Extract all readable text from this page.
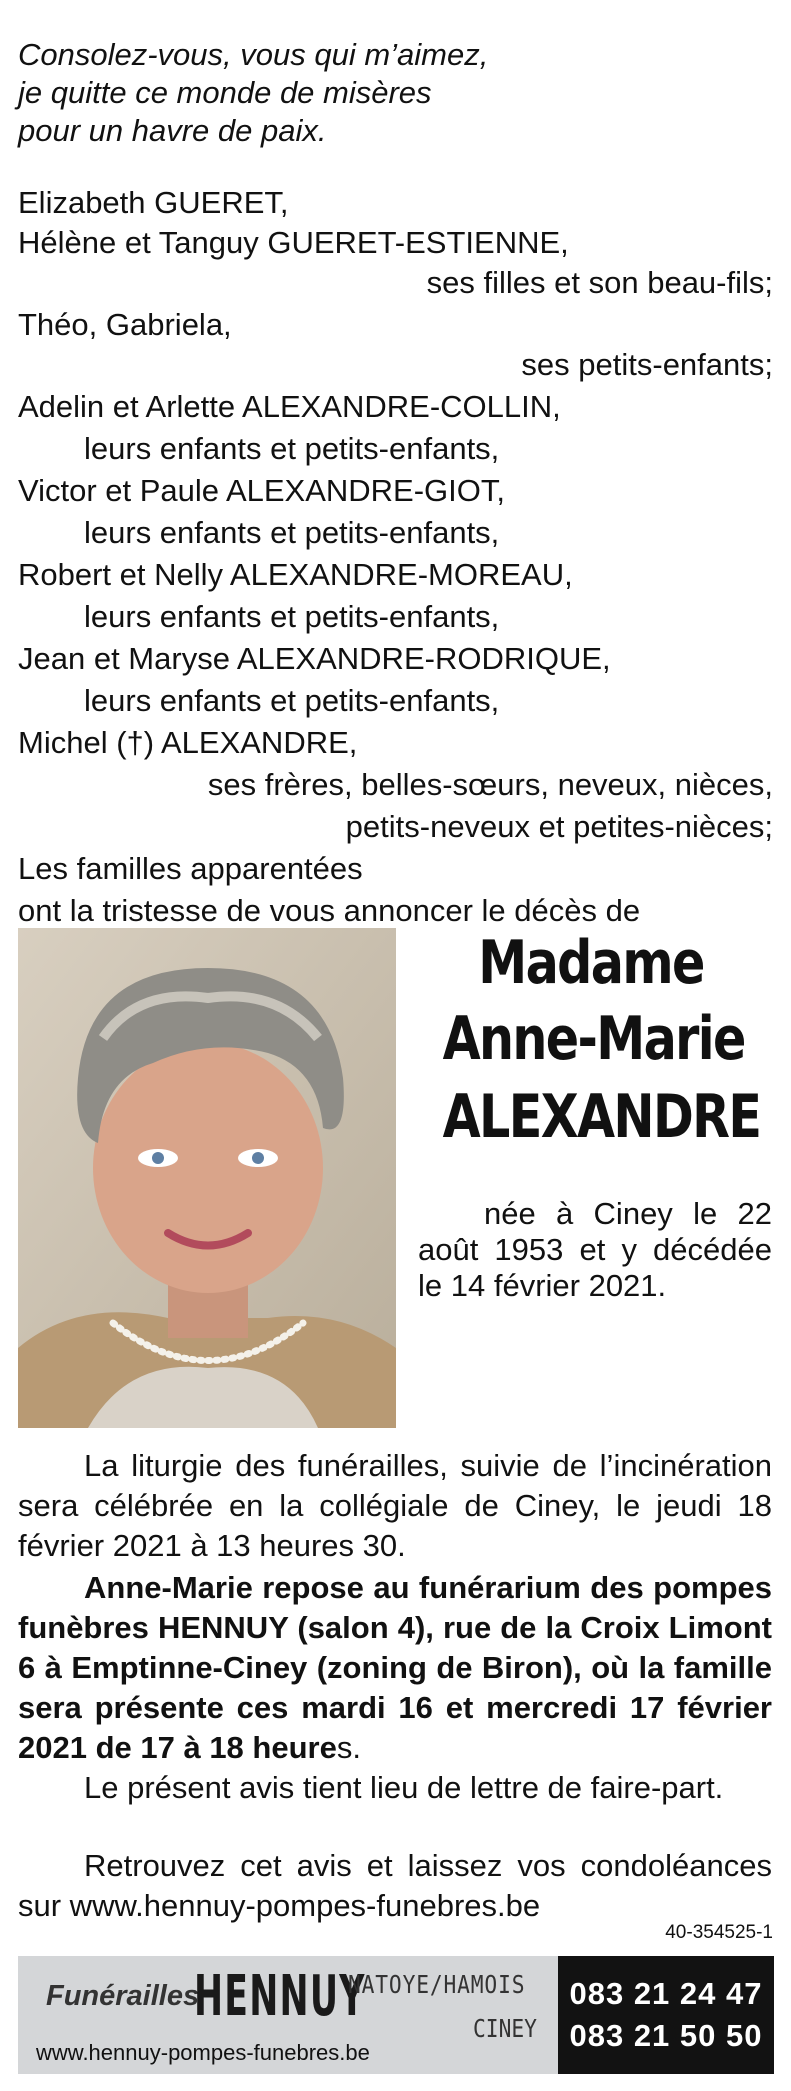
Consolez-vous, vous qui m’aimez,
je quitte ce monde de misères
pour un havre de paix.
Elizabeth GUERET,
Hélène et Tanguy GUERET-ESTIENNE,
ses filles et son beau-fils;
Théo, Gabriela,
ses petits-enfants;
Adelin et Arlette ALEXANDRE-COLLIN,
leurs enfants et petits-enfants,
Victor et Paule ALEXANDRE-GIOT,
leurs enfants et petits-enfants,
Robert et Nelly ALEXANDRE-MOREAU,
leurs enfants et petits-enfants,
Jean et Maryse ALEXANDRE-RODRIQUE,
leurs enfants et petits-enfants,
Michel (†) ALEXANDRE,
ses frères, belles-sœurs, neveux, nièces,
petits-neveux et petites-nièces;
Les familles apparentées
ont la tristesse de vous annoncer le décès de
Madame
Anne-Marie
ALEXANDRE
née à Ciney le 22 août 1953 et y décédée le 14 février 2021.
La liturgie des funérailles, suivie de l’incinération sera célébrée en la collégiale de Ciney, le jeudi 18 février 2021 à 13 heures 30.
Anne-Marie repose au funérarium des pompes funèbres HENNUY (salon 4), rue de la Croix Limont 6 à Emptinne-Ciney (zoning de Biron), où la famille sera présente ces mardi 16 et mercredi 17 février 2021 de 17 à 18 heures.
Le présent avis tient lieu de lettre de faire-part.
Retrouvez cet avis et laissez vos condoléances sur www.hennuy-pompes-funebres.be
40-354525-1
Funérailles
HENNUY
NATOYE/HAMOIS
CINEY
www.hennuy-pompes-funebres.be
083 21 24 47
083 21 50 50
